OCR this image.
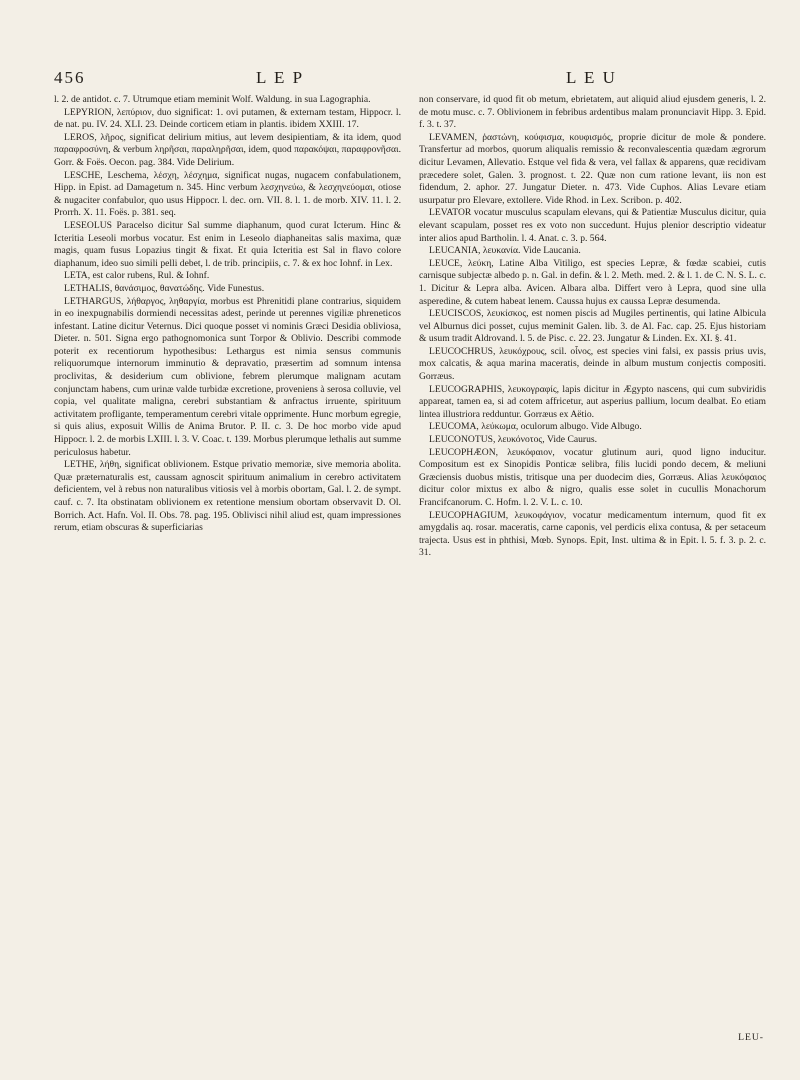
456	L E P	L E U

l. 2. de antidot. c. 7. Utrumque etiam meminit Wolf. Waldung. in sua Lagographia.

LEPYRION, λεπύριον, duo significat: 1. ovi putamen, & externam testam, Hippocr. l. de nat. pu. IV. 24. XLI. 23. Deinde corticem etiam in plantis. ibidem XXIII. 17.

LEROS, λῆρος, significat delirium mitius, aut levem desipientiam, & ita idem, quod παραφροσύνη, & verbum ληρῆσαι, παραληρῆσαι, idem, quod παρακόψαι, παραφρονῆσαι. Gorr. & Foës. Oecon. pag. 384. Vide Delirium.

LESCHE, Leschema, λέσχη, λέσχημα, significat nugas, nugacem confabulationem, Hipp. in Epist. ad Damagetum n. 345. Hinc verbum λεσχηνεύω, & λεσχηνεύομαι, otiose & nugaciter confabulor, quo usus Hippocr. l. dec. orn. VII. 8. l. 1. de morb. XIV. 11. l. 2. Prorrh. X. 11. Foës. p. 381. seq.

LESEOLUS Paracelso dicitur Sal summe diaphanum, quod curat Icterum. Hinc & Icteritia Leseoli morbus vocatur. Est enim in Leseolo diaphaneitas salis maxima, quæ magis, quam fusus Lopazius tingit & fixat. Et quia Icteritia est Sal in flavo colore diaphanum, ideo suo simili pelli debet, l. de trib. principiis, c. 7. & ex hoc Iohnf. in Lex.

LETA, est calor rubens, Rul. & Iohnf.

LETHALIS, θανάσιμος, θανατώδης. Vide Funestus.

LETHARGUS, λήθαργος, ληθαργία, morbus est Phrenitidi plane contrarius, siquidem in eo inexpugnabilis dormiendi necessitas adest, perinde ut perennes vigiliæ phreneticos infestant. Latine dicitur Veternus. Dici quoque posset vi nominis Græci Desidia obliviosa, Dieter. n. 501. Signa ergo pathognomonica sunt Torpor & Oblivio. Describi commode poterit ex recentiorum hypothesibus: Lethargus est nimia sensus communis reliquorumque internorum imminutio & depravatio, præsertim ad somnum intensa proclivitas, & desiderium cum oblivione, febrem plerumque malignam acutam conjunctam habens, cum urinæ valde turbidæ excretione, proveniens à serosa colluvie, vel copia, vel qualitate maligna, cerebri substantiam & anfractus irruente, spirituum activitatem profligante, temperamentum cerebri vitale opprimente. Hunc morbum egregie, si quis alius, exposuit Willis de Anima Brutor. P. II. c. 3. De hoc morbo vide apud Hippocr. l. 2. de morbis LXIII. l. 3. V. Coac. t. 139. Morbus plerumque lethalis aut summe periculosus habetur.

LETHE, λήθη, significat oblivionem. Estque privatio memoriæ, sive memoria abolita. Quæ præternaturalis est, caussam agnoscit spirituum animalium in cerebro activitatem deficientem, vel à rebus non naturalibus vitiosis vel à morbis obortam, Gal. l. 2. de sympt. cauf. c. 7. Ita obstinatam oblivionem ex retentione mensium obortam observavit D. Ol. Borrich. Act. Hafn. Vol. II. Obs. 78. pag. 195. Oblivisci nihil aliud est, quam impressiones rerum, etiam obscuras & superficiarias

non conservare, id quod fit ob metum, ebrietatem, aut aliquid aliud ejusdem generis, l. 2. de motu musc. c. 7. Oblivionem in febribus ardentibus malam pronunciavit Hipp. 3. Epid. f. 3. t. 37.

LEVAMEN, ῥαστώνη, κούφισμα, κουφισμός, proprie dicitur de mole & pondere. Transfertur ad morbos, quorum aliqualis remissio & reconvalescentia quædam ægrorum dicitur Levamen, Allevatio. Estque vel fida & vera, vel fallax & apparens, quæ recidivam præcedere solet, Galen. 3. prognost. t. 22. Quæ non cum ratione levant, iis non est fidendum, 2. aphor. 27. Jungatur Dieter. n. 473. Vide Cuphos. Alias Levare etiam usurpatur pro Elevare, extollere. Vide Rhod. in Lex. Scribon. p. 402.

LEVATOR vocatur musculus scapulam elevans, qui & Patientiæ Musculus dicitur, quia elevant scapulam, posset res ex voto non succedunt. Hujus plenior descriptio videatur inter alios apud Bartholin. l. 4. Anat. c. 3. p. 564.

LEUCANIA, λευκανία. Vide Laucania.

LEUCE, λεύκη, Latine Alba Vitiligo, est species Lepræ, & fœdæ scabiei, cutis carnisque subjectæ albedo p. n. Gal. in defin. & l. 2. Meth. med. 2. & l. 1. de C. N. S. L. c. 1. Dicitur & Lepra alba. Avicen. Albara alba. Differt vero à Lepra, quod sine ulla asperedine, & cutem habeat lenem. Caussa hujus ex caussa Lepræ desumenda.

LEUCISCOS, λευκίσκος, est nomen piscis ad Mugiles pertinentis, qui latine Albicula vel Alburnus dici posset, cujus meminit Galen. lib. 3. de Al. Fac. cap. 25. Ejus historiam & usum tradit Aldrovand. l. 5. de Pisc. c. 22. 23. Jungatur & Linden. Ex. XI. §. 41.

LEUCOCHRUS, λευκόχρους, scil. οἶνος, est species vini falsi, ex passis prius uvis, mox calcatis, & aqua marina maceratis, deinde in album mustum conjectis compositi. Gorræus.

LEUCOGRAPHIS, λευκογραφίς, lapis dicitur in Ægypto nascens, qui cum subviridis appareat, tamen ea, si ad cotem affricetur, aut asperius pallium, locum dealbat. Eo etiam lintea illustriora redduntur. Gorræus ex Aëtio.

LEUCOMA, λεύκωμα, oculorum albugo. Vide Albugo.

LEUCONOTUS, λευκόνοτος, Vide Caurus.

LEUCOPHÆON, λευκόφαιον, vocatur glutinum auri, quod ligno inducitur. Compositum est ex Sinopidis Ponticæ selibra, filis lucidi pondo decem, & meliuni Græciensis duobus mistis, tritisque una per duodecim dies, Gorræus. Alias λευκόφαιος dicitur color mixtus ex albo & nigro, qualis esse solet in cucullis Monachorum Francifcanorum. C. Hofm. l. 2. V. L. c. 10.

LEUCOPHAGIUM, λευκοφάγιον, vocatur medicamentum internum, quod fit ex amygdalis aq. rosar. maceratis, carne caponis, vel perdicis elixa contusa, & per setaceum trajecta. Usus est in phthisi, Mœb. Synops. Epit, Inst. ultima & in Epit. l. 5. f. 3. p. 2. c. 31.

LEU-
